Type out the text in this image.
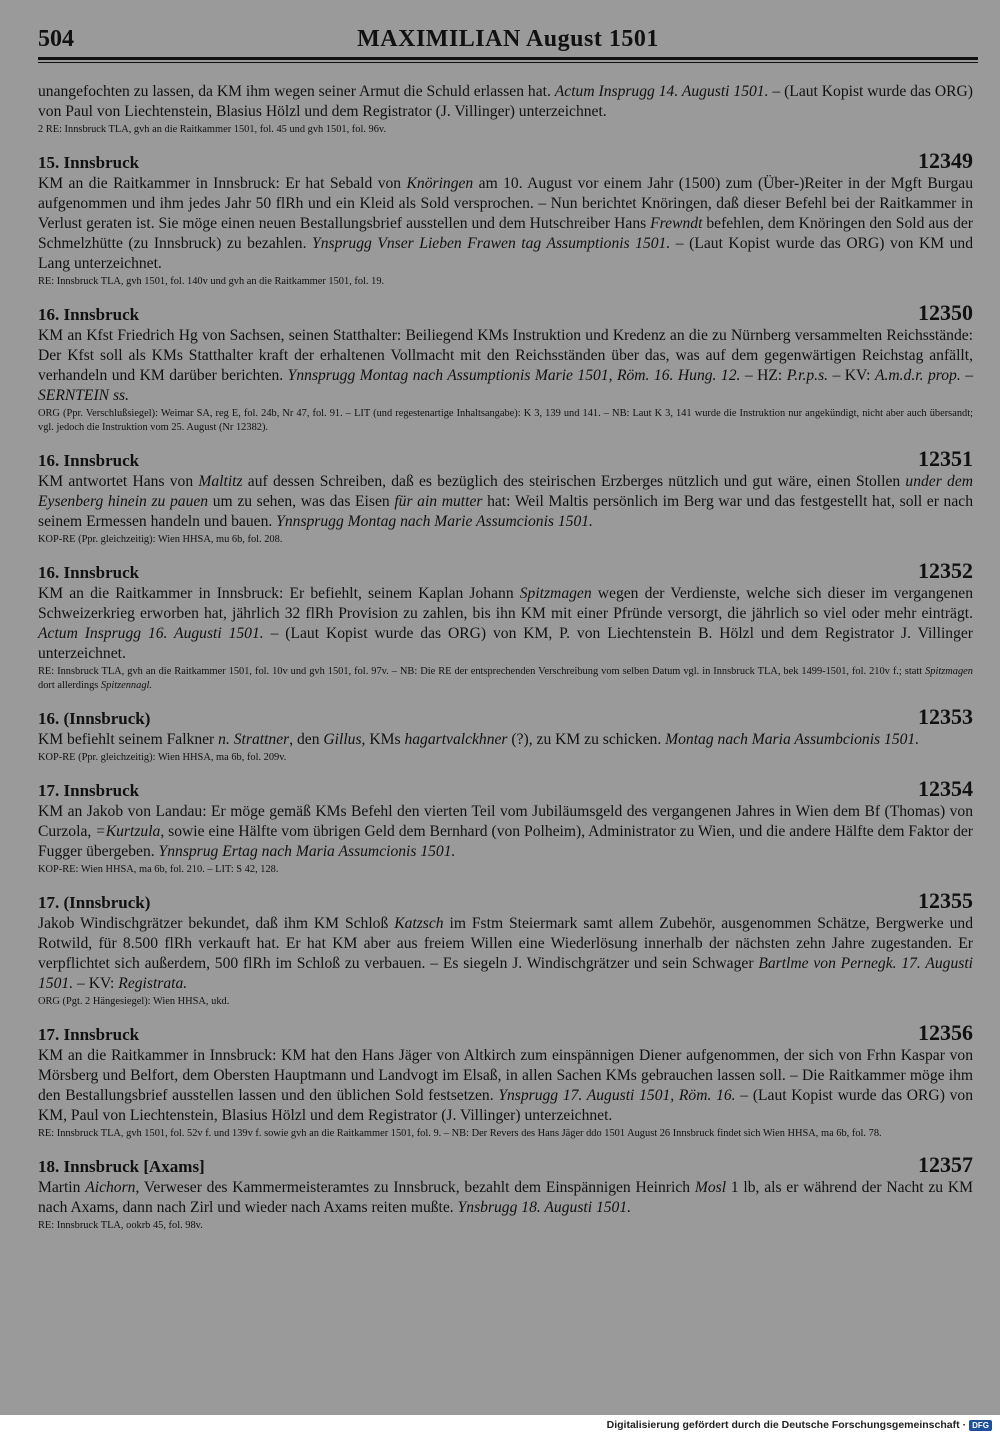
504	MAXIMILIAN August 1501
unangefochten zu lassen, da KM ihm wegen seiner Armut die Schuld erlassen hat. Actum Insprugg 14. Augusti 1501. – (Laut Kopist wurde das ORG) von Paul von Liechtenstein, Blasius Hölzl und dem Registrator (J. Villinger) unterzeichnet.
2 RE: Innsbruck TLA, gvh an die Raitkammer 1501, fol. 45 und gvh 1501, fol. 96v.
15. Innsbruck	12349
KM an die Raitkammer in Innsbruck: Er hat Sebald von Knöringen am 10. August vor einem Jahr (1500) zum (Über-)Reiter in der Mgft Burgau aufgenommen und ihm jedes Jahr 50 flRh und ein Kleid als Sold versprochen. – Nun berichtet Knöringen, daß dieser Befehl bei der Raitkammer in Verlust geraten ist. Sie möge einen neuen Bestallungsbrief ausstellen und dem Hutschreiber Hans Frewndt befehlen, dem Knöringen den Sold aus der Schmelzhütte (zu Innsbruck) zu bezahlen. Ynsprugg Vnser Lieben Frawen tag Assumptionis 1501. – (Laut Kopist wurde das ORG) von KM und Lang unterzeichnet.
RE: Innsbruck TLA, gvh 1501, fol. 140v und gvh an die Raitkammer 1501, fol. 19.
16. Innsbruck	12350
KM an Kfst Friedrich Hg von Sachsen, seinen Statthalter: Beiliegend KMs Instruktion und Kredenz an die zu Nürnberg versammelten Reichsstände: Der Kfst soll als KMs Statthalter kraft der erhaltenen Vollmacht mit den Reichsständen über das, was auf dem gegenwärtigen Reichstag anfällt, verhandeln und KM darüber berichten. Ynnsprugg Montag nach Assumptionis Marie 1501, Röm. 16. Hung. 12. – HZ: P.r.p.s. – KV: A.m.d.r. prop. – SERNTEIN ss.
ORG (Ppr. Verschlußsiegel): Weimar SA, reg E, fol. 24b, Nr 47, fol. 91. – LIT (und regestenartige Inhaltsangabe): K 3, 139 und 141. – NB: Laut K 3, 141 wurde die Instruktion nur angekündigt, nicht aber auch übersandt; vgl. jedoch die Instruktion vom 25. August (Nr 12382).
16. Innsbruck	12351
KM antwortet Hans von Maltitz auf dessen Schreiben, daß es bezüglich des steirischen Erzberges nützlich und gut wäre, einen Stollen under dem Eysenberg hinein zu pauen um zu sehen, was das Eisen für ain mutter hat: Weil Maltis persönlich im Berg war und das festgestellt hat, soll er nach seinem Ermessen handeln und bauen. Ynnsprugg Montag nach Marie Assumcionis 1501.
KOP-RE (Ppr. gleichzeitig): Wien HHSA, mu 6b, fol. 208.
16. Innsbruck	12352
KM an die Raitkammer in Innsbruck: Er befiehlt, seinem Kaplan Johann Spitzmagen wegen der Verdienste, welche sich dieser im vergangenen Schweizerkrieg erworben hat, jährlich 32 flRh Provision zu zahlen, bis ihn KM mit einer Pfründe versorgt, die jährlich so viel oder mehr einträgt. Actum Insprugg 16. Augusti 1501. – (Laut Kopist wurde das ORG) von KM, P. von Liechtenstein B. Hölzl und dem Registrator J. Villinger unterzeichnet.
RE: Innsbruck TLA, gvh an die Raitkammer 1501, fol. 10v und gvh 1501, fol. 97v. – NB: Die RE der entsprechenden Verschreibung vom selben Datum vgl. in Innsbruck TLA, bek 1499-1501, fol. 210v f.; statt Spitzmagen dort allerdings Spitzennagl.
16. (Innsbruck)	12353
KM befiehlt seinem Falkner n. Strattner, den Gillus, KMs hagartvalckhner (?), zu KM zu schicken. Montag nach Maria Assumbcionis 1501.
KOP-RE (Ppr. gleichzeitig): Wien HHSA, ma 6b, fol. 209v.
17. Innsbruck	12354
KM an Jakob von Landau: Er möge gemäß KMs Befehl den vierten Teil vom Jubiläumsgeld des vergangenen Jahres in Wien dem Bf (Thomas) von Curzola, =Kurtzula, sowie eine Hälfte vom übrigen Geld dem Bernhard (von Polheim), Administrator zu Wien, und die andere Hälfte dem Faktor der Fugger übergeben. Ynnsprug Ertag nach Maria Assumcionis 1501.
KOP-RE: Wien HHSA, ma 6b, fol. 210. – LIT: S 42, 128.
17. (Innsbruck)	12355
Jakob Windischgrätzer bekundet, daß ihm KM Schloß Katzsch im Fstm Steiermark samt allem Zubehör, ausgenommen Schätze, Bergwerke und Rotwild, für 8.500 flRh verkauft hat. Er hat KM aber aus freiem Willen eine Wiederlösung innerhalb der nächsten zehn Jahre zugestanden. Er verpflichtet sich außerdem, 500 flRh im Schloß zu verbauen. – Es siegeln J. Windischgrätzer und sein Schwager Bartlme von Pernegk. 17. Augusti 1501. – KV: Registrata.
ORG (Pgt. 2 Hängesiegel): Wien HHSA, ukd.
17. Innsbruck	12356
KM an die Raitkammer in Innsbruck: KM hat den Hans Jäger von Altkirch zum einspännigen Diener aufgenommen, der sich von Frhn Kaspar von Mörsberg und Belfort, dem Obersten Hauptmann und Landvogt im Elsaß, in allen Sachen KMs gebrauchen lassen soll. – Die Raitkammer möge ihm den Bestallungsbrief ausstellen lassen und den üblichen Sold festsetzen. Ynsprugg 17. Augusti 1501, Röm. 16. – (Laut Kopist wurde das ORG) von KM, Paul von Liechtenstein, Blasius Hölzl und dem Registrator (J. Villinger) unterzeichnet.
RE: Innsbruck TLA, gvh 1501, fol. 52v f. und 139v f. sowie gvh an die Raitkammer 1501, fol. 9. – NB: Der Revers des Hans Jäger ddo 1501 August 26 Innsbruck findet sich Wien HHSA, ma 6b, fol. 78.
18. Innsbruck [Axams]	12357
Martin Aichorn, Verweser des Kammermeisteramtes zu Innsbruck, bezahlt dem Einspännigen Heinrich Mosl 1 lb, als er während der Nacht zu KM nach Axams, dann nach Zirl und wieder nach Axams reiten mußte. Ynsbrugg 18. Augusti 1501.
RE: Innsbruck TLA, ookrb 45, fol. 98v.
Digitalisierung gefördert durch die Deutsche Forschungsgemeinschaft · DFG
